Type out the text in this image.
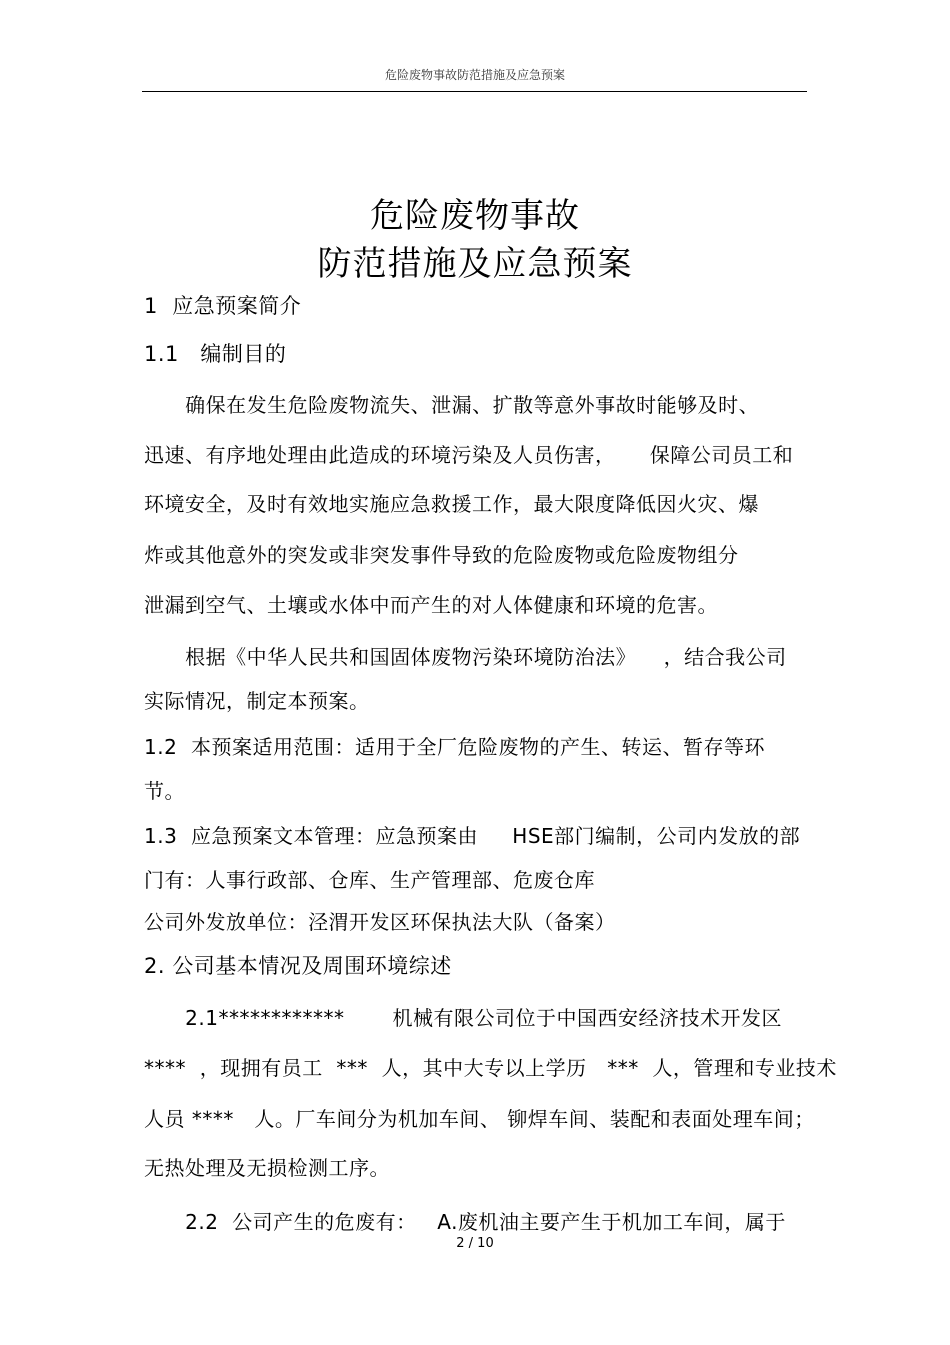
危险废物事故防范措施及应急预案
危险废物事故
防范措施及应急预案
1  应急预案简介
1.1   编制目的
确保在发生危险废物流失、泄漏、扩散等意外事故时能够及时、
迅速、有序地处理由此造成的环境污染及人员伤害，     保障公司员工和
环境安全，及时有效地实施应急救援工作，最大限度降低因火灾、爆
炸或其他意外的突发或非突发事件导致的危险废物或危险废物组分
泄漏到空气、土壤或水体中而产生的对人体健康和环境的危害。
根据《中华人民共和国固体废物污染环境防治法》    ，结合我公司
实际情况，制定本预案。
1.2  本预案适用范围：适用于全厂危险废物的产生、转运、暂存等环
节。
1.3  应急预案文本管理：应急预案由     HSE部门编制，公司内发放的部
门有：人事行政部、仓库、生产管理部、危废仓库
公司外发放单位：泾渭开发区环保执法大队（备案）
2. 公司基本情况及周围环境综述
2.1************       机械有限公司位于中国西安经济技术开发区
****  ，现拥有员工  ***  人，其中大专以上学历   ***  人，管理和专业技术
人员 ****   人。厂车间分为机加车间、 铆焊车间、装配和表面处理车间；
无热处理及无损检测工序。
2.2  公司产生的危废有：   A.废机油主要产生于机加工车间，属于
2 / 10
